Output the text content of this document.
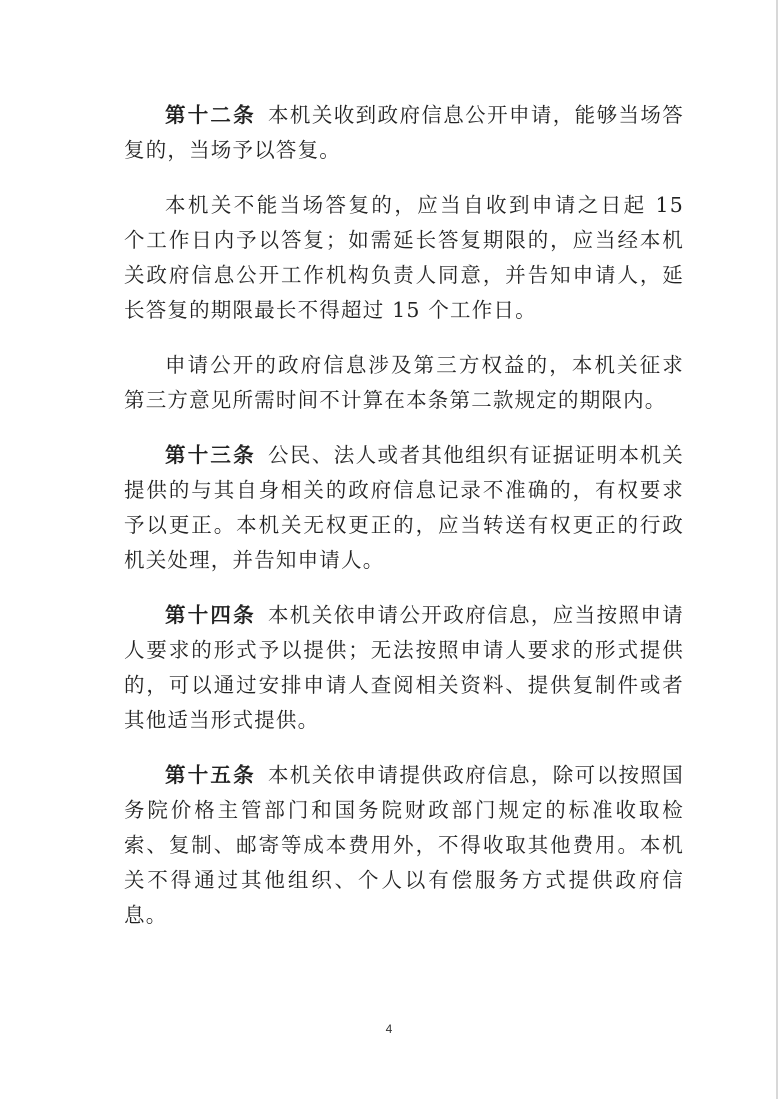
第十二条 本机关收到政府信息公开申请，能够当场答复的，当场予以答复。

本机关不能当场答复的，应当自收到申请之日起 15 个工作日内予以答复；如需延长答复期限的，应当经本机关政府信息公开工作机构负责人同意，并告知申请人，延长答复的期限最长不得超过 15 个工作日。

申请公开的政府信息涉及第三方权益的，本机关征求第三方意见所需时间不计算在本条第二款规定的期限内。

第十三条 公民、法人或者其他组织有证据证明本机关提供的与其自身相关的政府信息记录不准确的，有权要求予以更正。本机关无权更正的，应当转送有权更正的行政机关处理，并告知申请人。

第十四条 本机关依申请公开政府信息，应当按照申请人要求的形式予以提供；无法按照申请人要求的形式提供的，可以通过安排申请人查阅相关资料、提供复制件或者其他适当形式提供。

第十五条 本机关依申请提供政府信息，除可以按照国务院价格主管部门和国务院财政部门规定的标准收取检索、复制、邮寄等成本费用外，不得收取其他费用。本机关不得通过其他组织、个人以有偿服务方式提供政府信息。

4
